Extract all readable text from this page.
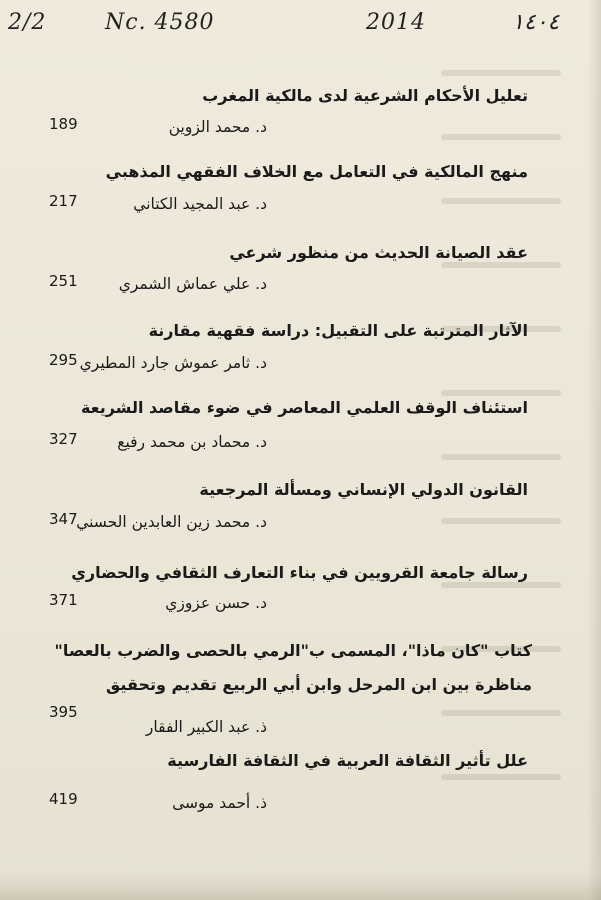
2/2	Nc. 4580	2014	١٤٠٤
تعليل الأحكام الشرعية لدى مالكية المغرب
د. محمد الزوين
189
منهج المالكية في التعامل مع الخلاف الفقهي المذهبي
د. عبد المجيد الكتاني
217
عقد الصيانة الحديث من منظور شرعي
د. علي عماش الشمري
251
الآثار المترتبة على التقبيل: دراسة فقهية مقارنة
د. ثامر عموش جارد المطيري
295
استئناف الوقف العلمي المعاصر في ضوء مقاصد الشريعة
د. محماد بن محمد رفيع
327
القانون الدولي الإنساني ومسألة المرجعية
د. محمد زين العابدين الحسني
347
رسالة جامعة القرويين في بناء التعارف الثقافي والحضاري
د. حسن عزوزي
371
كتاب "كان ماذا"، المسمى ب"الرمي بالحصى والضرب بالعصا"
مناظرة بين ابن المرحل وابن أبي الربيع تقديم وتحقيق
ذ. عبد الكبير الفقار
395
علل تأثير الثقافة العربية في الثقافة الفارسية
ذ. أحمد موسى
419
